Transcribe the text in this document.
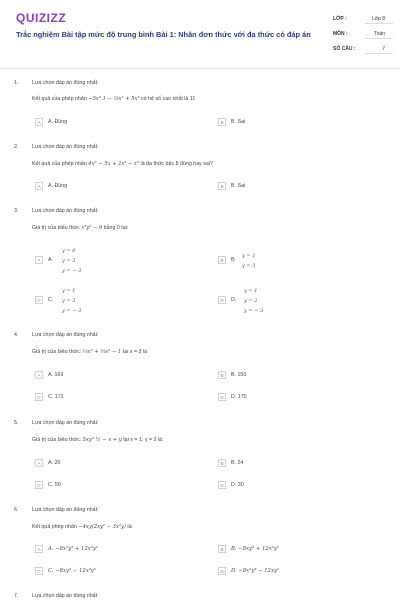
QUIZIZZ
Trắc nghiệm Bài tập mức độ trung bình Bài 1: Nhân đơn thức với đa thức có đáp án
LỚP :	Lớp 8
MÔN :	Toán
SỐ CÂU :	7
1.	Lựa chọn đáp án đúng nhất:
Kết quả của phép nhân −5x³ 1 − ⅔x² + 5x⁵ có hệ số cao nhất là 11
A	A. Đúng	B	B. Sai
2.	Lựa chọn đáp án đúng nhất:
Kết quả của phép nhân 4x⁵ − 5x + 2x³ − x³ là đa thức bậc 8 đúng hay sai?
A	A. Đúng	B	B. Sai
3.	Lựa chọn đáp án đúng nhất:
Giá trị của biểu thức x³y² − 9 bằng 0 tại:
A	A.
y = 0
y = 3
y = − 3
B	B.
y = 1
y = 3
C	C.
y = 1
y = 3
y = − 3
D	D.
y = 1
y = 2
y = − 3
4.	Lựa chọn đáp án đúng nhất:
Giá trị của biểu thức: ⅓x³ + ⅔x² − 1 tại x = 3 là
A	A. 169	B	B. 150
C	C. 171	D	D. 170
5.	Lựa chọn đáp án đúng nhất:
Giá trị của biểu thức: 5xy² ½ − x + y tại x = 1; y = 2 là:
A	A. 26	B	B. 24
C	C. 50	D	D. 30
6.	Lựa chọn đáp án đúng nhất:
Kết quả phép nhân −4xy(2xy² − 3x²y) là:
A	A. −8x²y³ + 12x³y²	B	B. −8xy³ + 12x³y²
C	C. −8xy³ − 12x³y²	D	D. −8x²y³ − 12xy²
7.	Lựa chọn đáp án đúng nhất:
